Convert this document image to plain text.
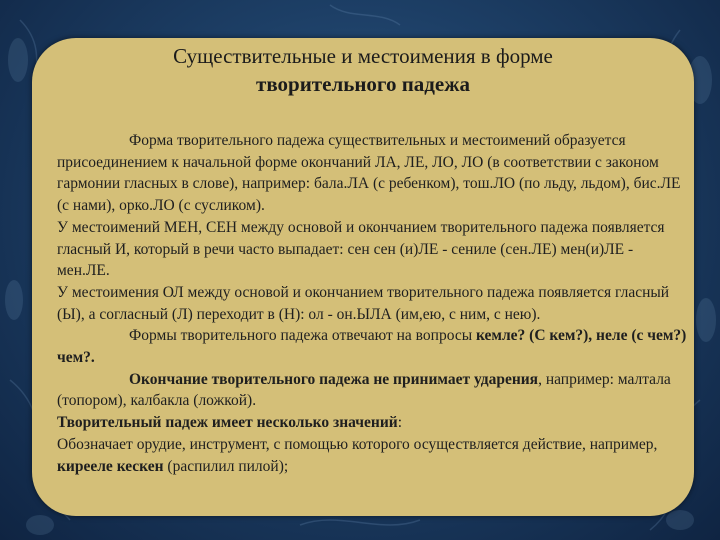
Существительные и местоимения в форме
творительного падежа

Форма творительного падежа существительных и местоимений образуется присоединением к начальной форме окончаний ЛА, ЛЕ, ЛО, ЛО (в соответствии с законом гармонии гласных в слове), например: бала.ЛА (с ребенком), тош.ЛО (по льду, льдом), бис.ЛЕ (с нами), орко.ЛО (с сусликом).

У местоимений МЕН, СЕН между основой и окончанием творительного падежа появляется гласный И, который в речи часто выпадает: сен сен (и)ЛЕ - сениле (сен.ЛЕ) мен(и)ЛЕ - мен.ЛЕ.

У местоимения ОЛ между основой и окончанием творительного падежа появляется гласный (Ы), а согласный (Л) переходит в (Н): ол - он.ЫЛА (им,ею, с ним, с нею).

Формы творительного падежа отвечают на вопросы кемле? (С кем?), неле (с чем?) чем?.

Окончание творительного падежа не принимает ударения, например: малтала (топором), калбакла (ложкой).

Творительный падеж имеет несколько значений:

Обозначает орудие, инструмент, с помощью которого осуществляется действие, например, кирееле кескен (распилил пилой);
